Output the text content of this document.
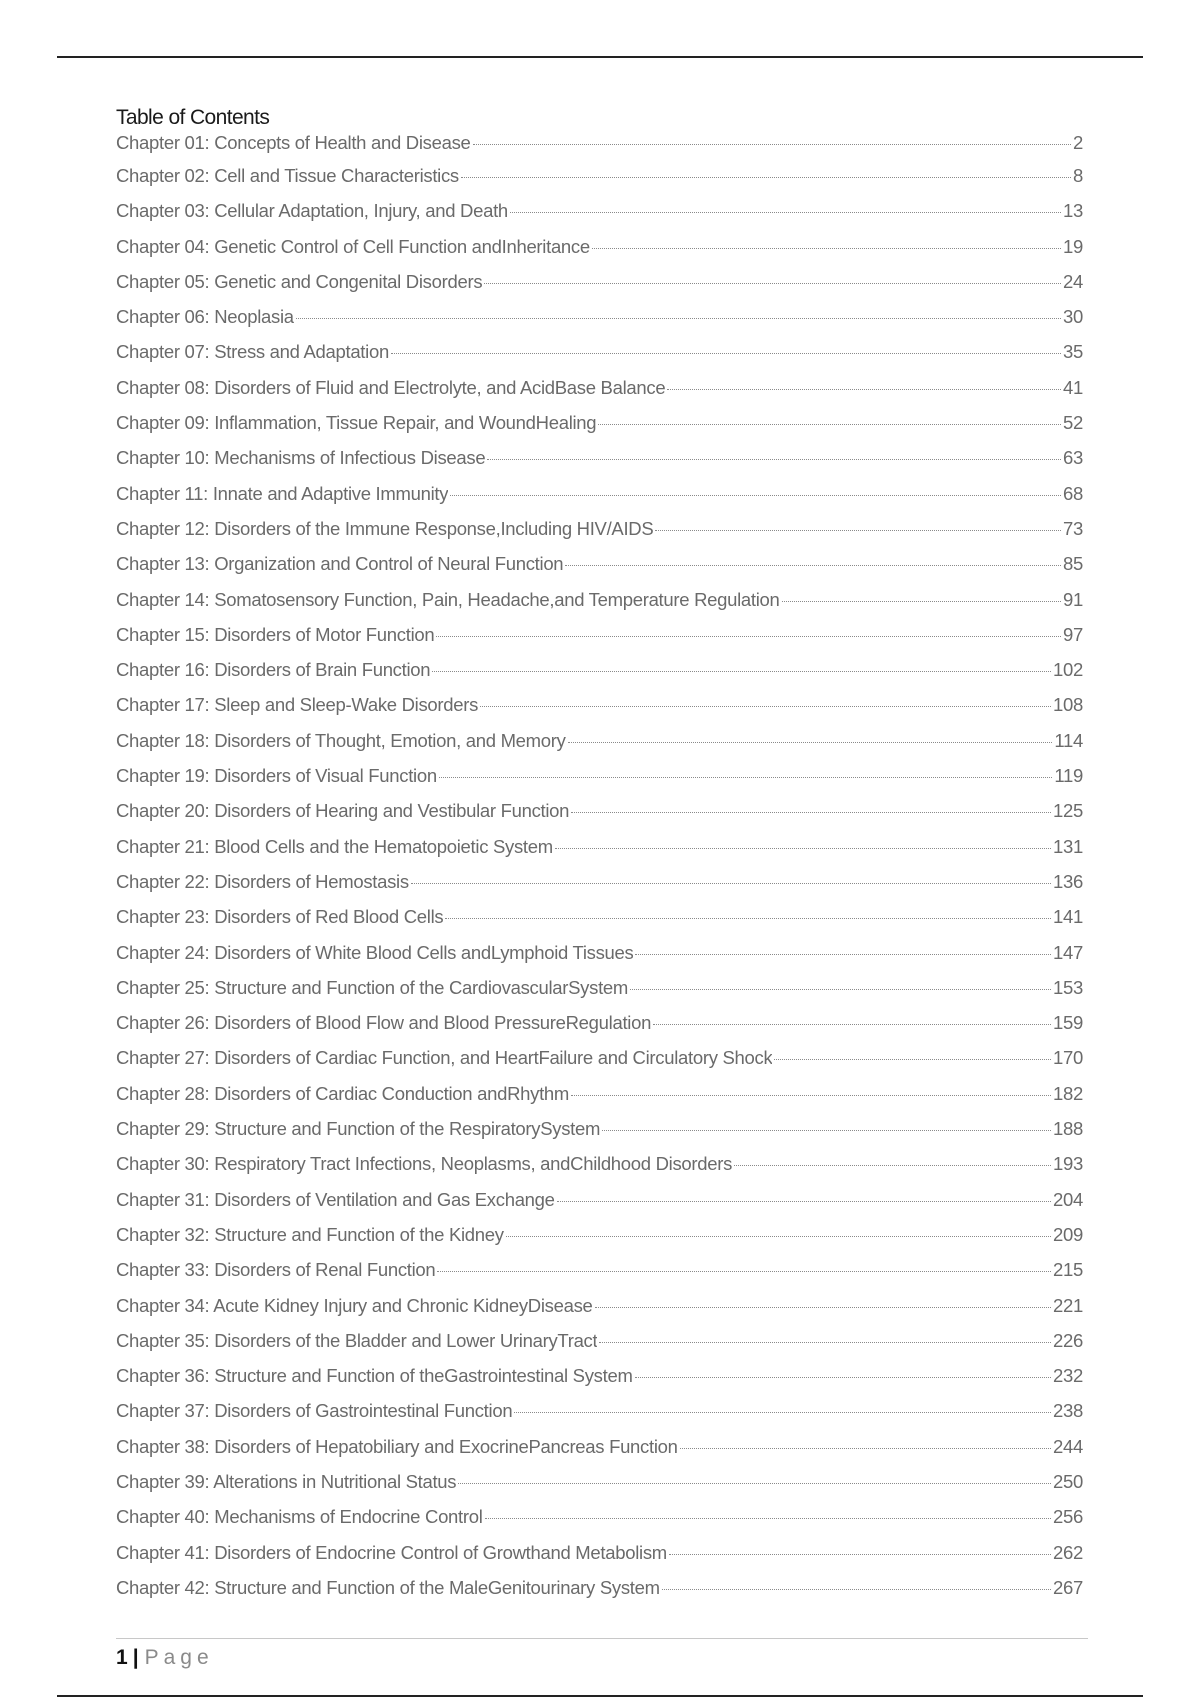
Table of Contents
Chapter 01: Concepts of Health and Disease	2
Chapter 02: Cell and Tissue Characteristics	8
Chapter 03: Cellular Adaptation, Injury, and Death	13
Chapter 04: Genetic Control of Cell Function andInheritance	19
Chapter 05: Genetic and Congenital Disorders	24
Chapter 06: Neoplasia	30
Chapter 07: Stress and Adaptation	35
Chapter 08: Disorders of Fluid and Electrolyte, and AcidBase Balance	41
Chapter 09: Inflammation, Tissue Repair, and WoundHealing	52
Chapter 10: Mechanisms of Infectious Disease	63
Chapter 11: Innate and Adaptive Immunity	68
Chapter 12: Disorders of the Immune Response,Including HIV/AIDS	73
Chapter 13: Organization and Control of Neural Function	85
Chapter 14: Somatosensory Function, Pain, Headache,and Temperature Regulation	91
Chapter 15: Disorders of Motor Function	97
Chapter 16: Disorders of Brain Function	102
Chapter 17: Sleep and Sleep-Wake Disorders	108
Chapter 18: Disorders of Thought, Emotion, and Memory	114
Chapter 19: Disorders of Visual Function	119
Chapter 20: Disorders of Hearing and Vestibular Function	125
Chapter 21: Blood Cells and the Hematopoietic System	131
Chapter 22: Disorders of Hemostasis	136
Chapter 23: Disorders of Red Blood Cells	141
Chapter 24: Disorders of White Blood Cells andLymphoid Tissues	147
Chapter 25: Structure and Function of the CardiovascularSystem	153
Chapter 26: Disorders of Blood Flow and Blood PressureRegulation	159
Chapter 27: Disorders of Cardiac Function, and HeartFailure and Circulatory Shock	170
Chapter 28: Disorders of Cardiac Conduction andRhythm	182
Chapter 29: Structure and Function of the RespiratorySystem	188
Chapter 30: Respiratory Tract Infections, Neoplasms, andChildhood Disorders	193
Chapter 31: Disorders of Ventilation and Gas Exchange	204
Chapter 32: Structure and Function of the Kidney	209
Chapter 33: Disorders of Renal Function	215
Chapter 34: Acute Kidney Injury and Chronic KidneyDisease	221
Chapter 35: Disorders of the Bladder and Lower UrinaryTract	226
Chapter 36: Structure and Function of theGastrointestinal System	232
Chapter 37: Disorders of Gastrointestinal Function	238
Chapter 38: Disorders of Hepatobiliary and ExocrinePancreas Function	244
Chapter 39: Alterations in Nutritional Status	250
Chapter 40: Mechanisms of Endocrine Control	256
Chapter 41: Disorders of Endocrine Control of Growthand Metabolism	262
Chapter 42: Structure and Function of the MaleGenitourinary System	267
1 | Page
